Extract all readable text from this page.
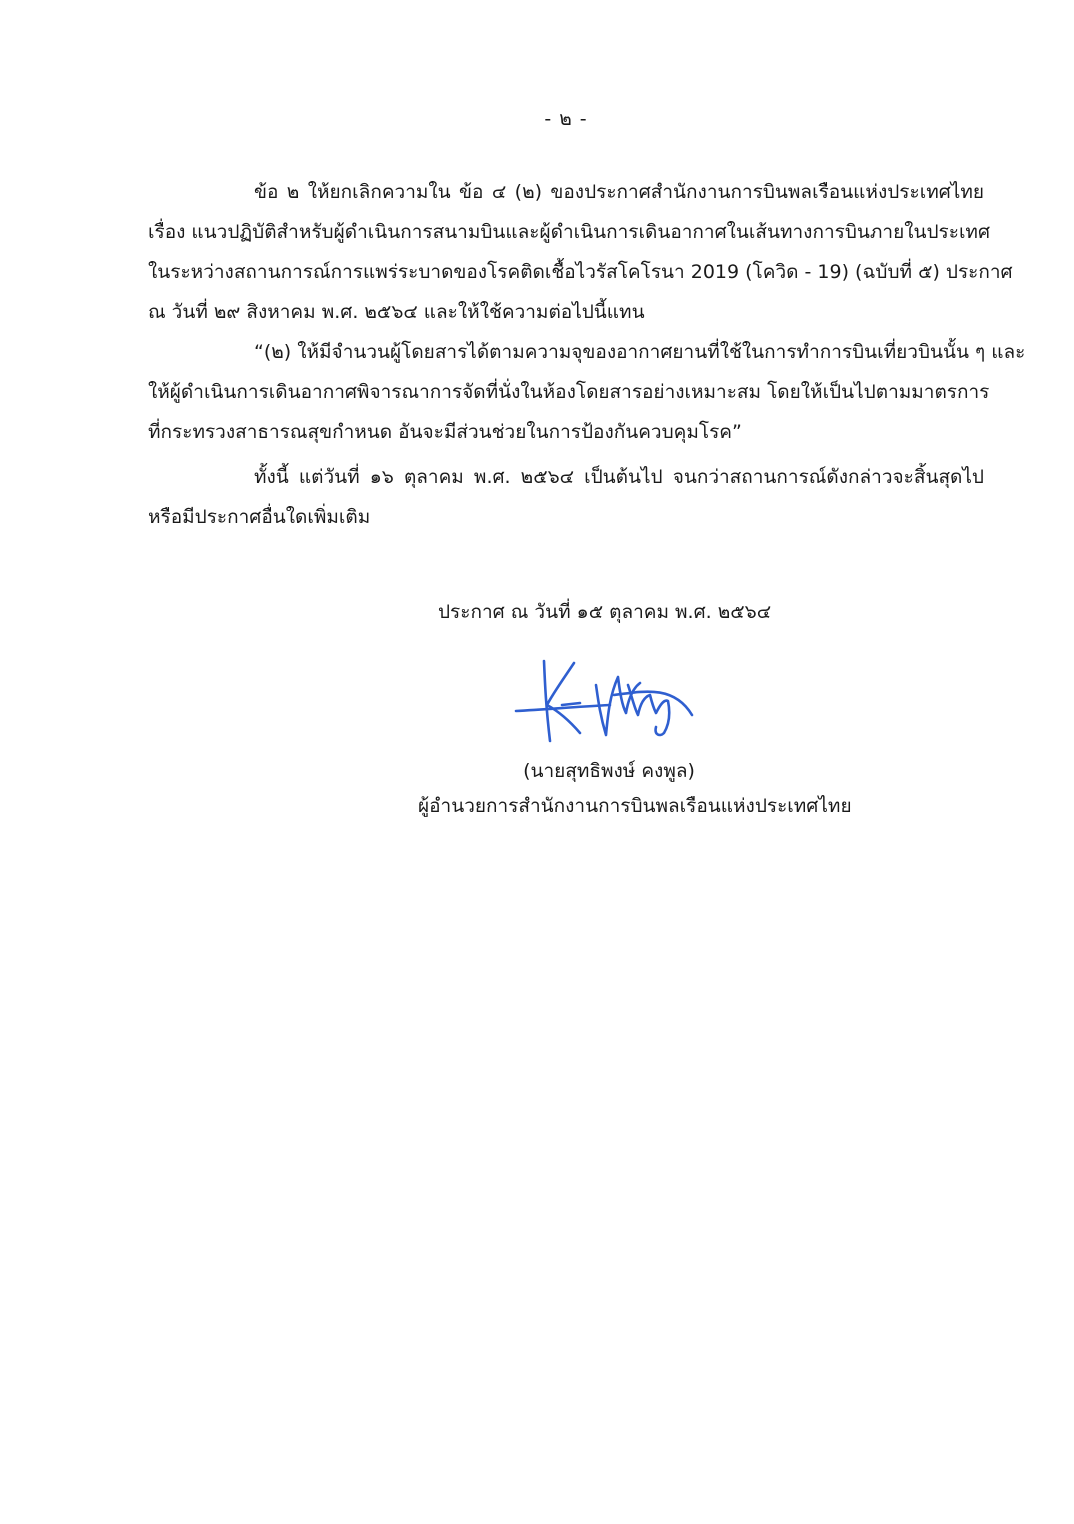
- ๒ -
ข้อ ๒ ให้ยกเลิกความใน ข้อ ๔ (๒) ของประกาศสำนักงานการบินพลเรือนแห่งประเทศไทย
เรื่อง แนวปฏิบัติสำหรับผู้ดำเนินการสนามบินและผู้ดำเนินการเดินอากาศในเส้นทางการบินภายในประเทศ
ในระหว่างสถานการณ์การแพร่ระบาดของโรคติดเชื้อไวรัสโคโรนา 2019 (โควิด - 19) (ฉบับที่ ๕) ประกาศ
ณ วันที่ ๒๙ สิงหาคม พ.ศ. ๒๕๖๔ และให้ใช้ความต่อไปนี้แทน
“(๒) ให้มีจำนวนผู้โดยสารได้ตามความจุของอากาศยานที่ใช้ในการทำการบินเที่ยวบินนั้น ๆ และ
ให้ผู้ดำเนินการเดินอากาศพิจารณาการจัดที่นั่งในห้องโดยสารอย่างเหมาะสม โดยให้เป็นไปตามมาตรการ
ที่กระทรวงสาธารณสุขกำหนด อันจะมีส่วนช่วยในการป้องกันควบคุมโรค”
ทั้งนี้ แต่วันที่ ๑๖ ตุลาคม พ.ศ. ๒๕๖๔ เป็นต้นไป จนกว่าสถานการณ์ดังกล่าวจะสิ้นสุดไป
หรือมีประกาศอื่นใดเพิ่มเติม
ประกาศ ณ วันที่ ๑๕ ตุลาคม พ.ศ. ๒๕๖๔
(นายสุทธิพงษ์ คงพูล)
ผู้อำนวยการสำนักงานการบินพลเรือนแห่งประเทศไทย
